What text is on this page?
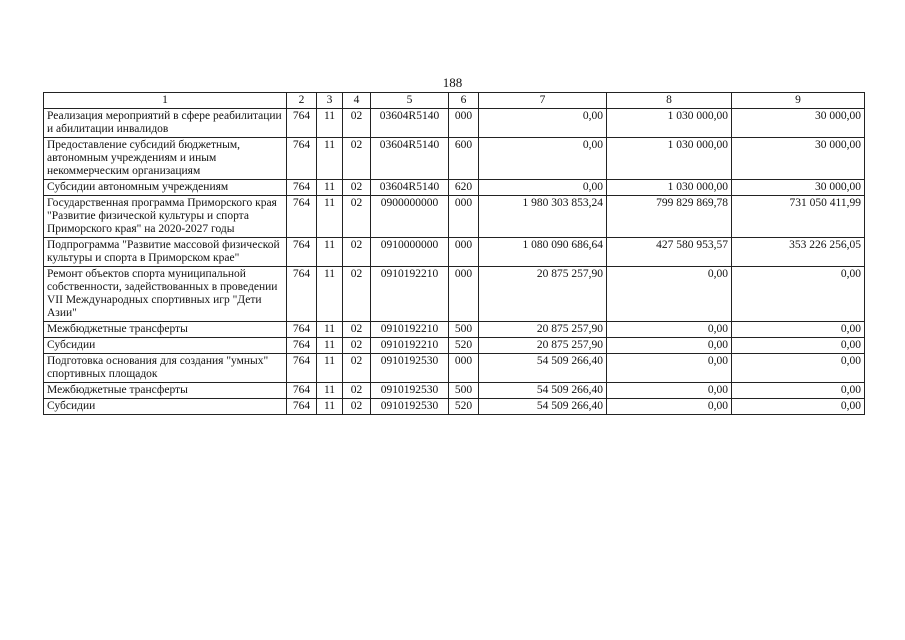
188
1	2	3	4	5	6	7	8	9
Реализация мероприятий в сфере реабилитации и абилитации инвалидов	764	11	02	03604R5140	000	0,00	1 030 000,00	30 000,00
Предоставление субсидий бюджетным, автономным учреждениям и иным некоммерческим организациям	764	11	02	03604R5140	600	0,00	1 030 000,00	30 000,00
Субсидии автономным учреждениям	764	11	02	03604R5140	620	0,00	1 030 000,00	30 000,00
Государственная программа Приморского края "Развитие физической культуры и спорта Приморского края" на 2020-2027 годы	764	11	02	0900000000	000	1 980 303 853,24	799 829 869,78	731 050 411,99
Подпрограмма "Развитие массовой физической культуры и спорта в Приморском крае"	764	11	02	0910000000	000	1 080 090 686,64	427 580 953,57	353 226 256,05
Ремонт объектов спорта муниципальной собственности, задействованных в проведении VII Международных спортивных игр "Дети Азии"	764	11	02	0910192210	000	20 875 257,90	0,00	0,00
Межбюджетные трансферты	764	11	02	0910192210	500	20 875 257,90	0,00	0,00
Субсидии	764	11	02	0910192210	520	20 875 257,90	0,00	0,00
Подготовка основания для создания "умных" спортивных площадок	764	11	02	0910192530	000	54 509 266,40	0,00	0,00
Межбюджетные трансферты	764	11	02	0910192530	500	54 509 266,40	0,00	0,00
Субсидии	764	11	02	0910192530	520	54 509 266,40	0,00	0,00
